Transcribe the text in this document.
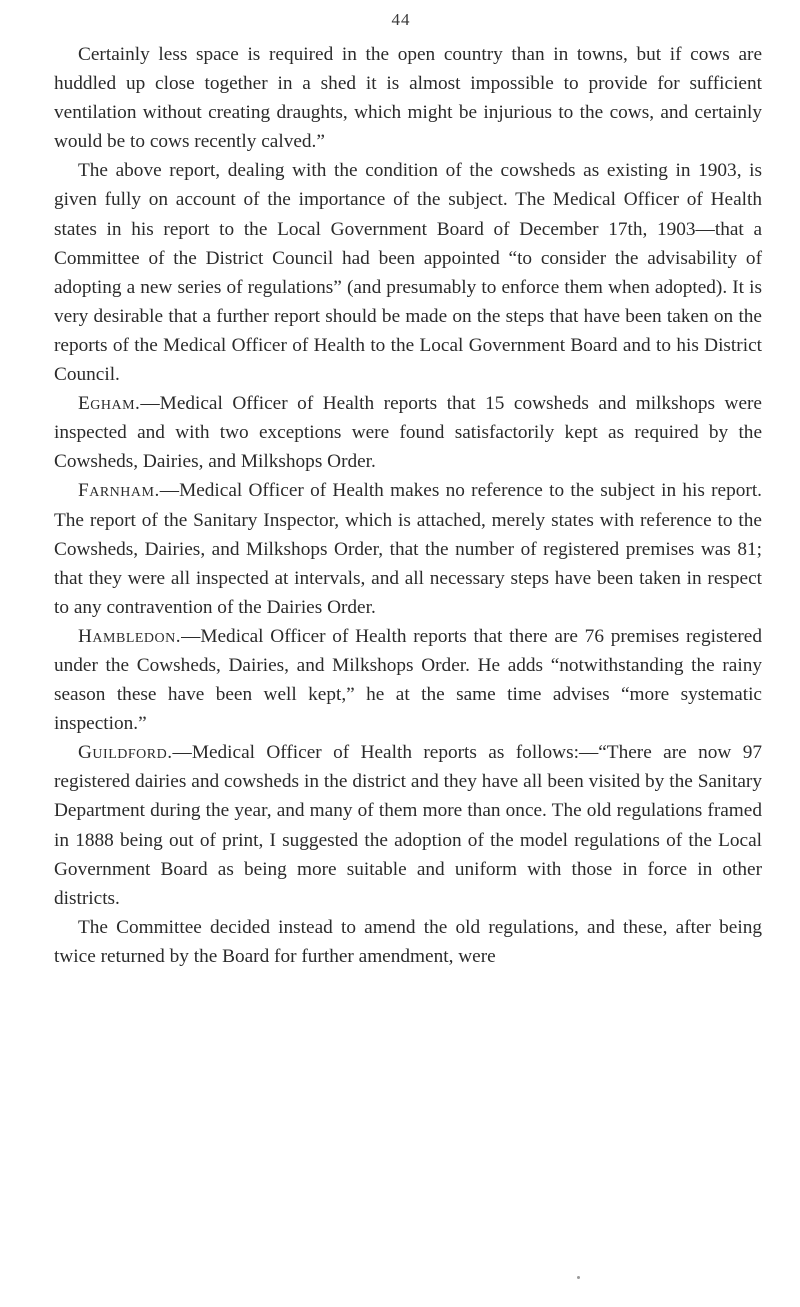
44

Certainly less space is required in the open country than in towns, but if cows are huddled up close together in a shed it is almost impossible to provide for sufficient ventilation without creating draughts, which might be injurious to the cows, and certainly would be to cows recently calved.”

The above report, dealing with the condition of the cowsheds as existing in 1903, is given fully on account of the importance of the subject. The Medical Officer of Health states in his report to the Local Government Board of December 17th, 1903—that a Committee of the District Council had been appointed “to consider the advisability of adopting a new series of regulations” (and presumably to enforce them when adopted). It is very desirable that a further report should be made on the steps that have been taken on the reports of the Medical Officer of Health to the Local Government Board and to his District Council.

Egham.—Medical Officer of Health reports that 15 cowsheds and milkshops were inspected and with two exceptions were found satisfactorily kept as required by the Cowsheds, Dairies, and Milkshops Order.

Farnham.—Medical Officer of Health makes no reference to the subject in his report. The report of the Sanitary Inspector, which is attached, merely states with reference to the Cowsheds, Dairies, and Milkshops Order, that the number of registered premises was 81; that they were all inspected at intervals, and all necessary steps have been taken in respect to any contravention of the Dairies Order.

Hambledon.—Medical Officer of Health reports that there are 76 premises registered under the Cowsheds, Dairies, and Milkshops Order. He adds “notwithstanding the rainy season these have been well kept,” he at the same time advises “more systematic inspection.”

Guildford.—Medical Officer of Health reports as follows:—“There are now 97 registered dairies and cowsheds in the district and they have all been visited by the Sanitary Department during the year, and many of them more than once. The old regulations framed in 1888 being out of print, I suggested the adoption of the model regulations of the Local Government Board as being more suitable and uniform with those in force in other districts.

The Committee decided instead to amend the old regulations, and these, after being twice returned by the Board for further amendment, were
